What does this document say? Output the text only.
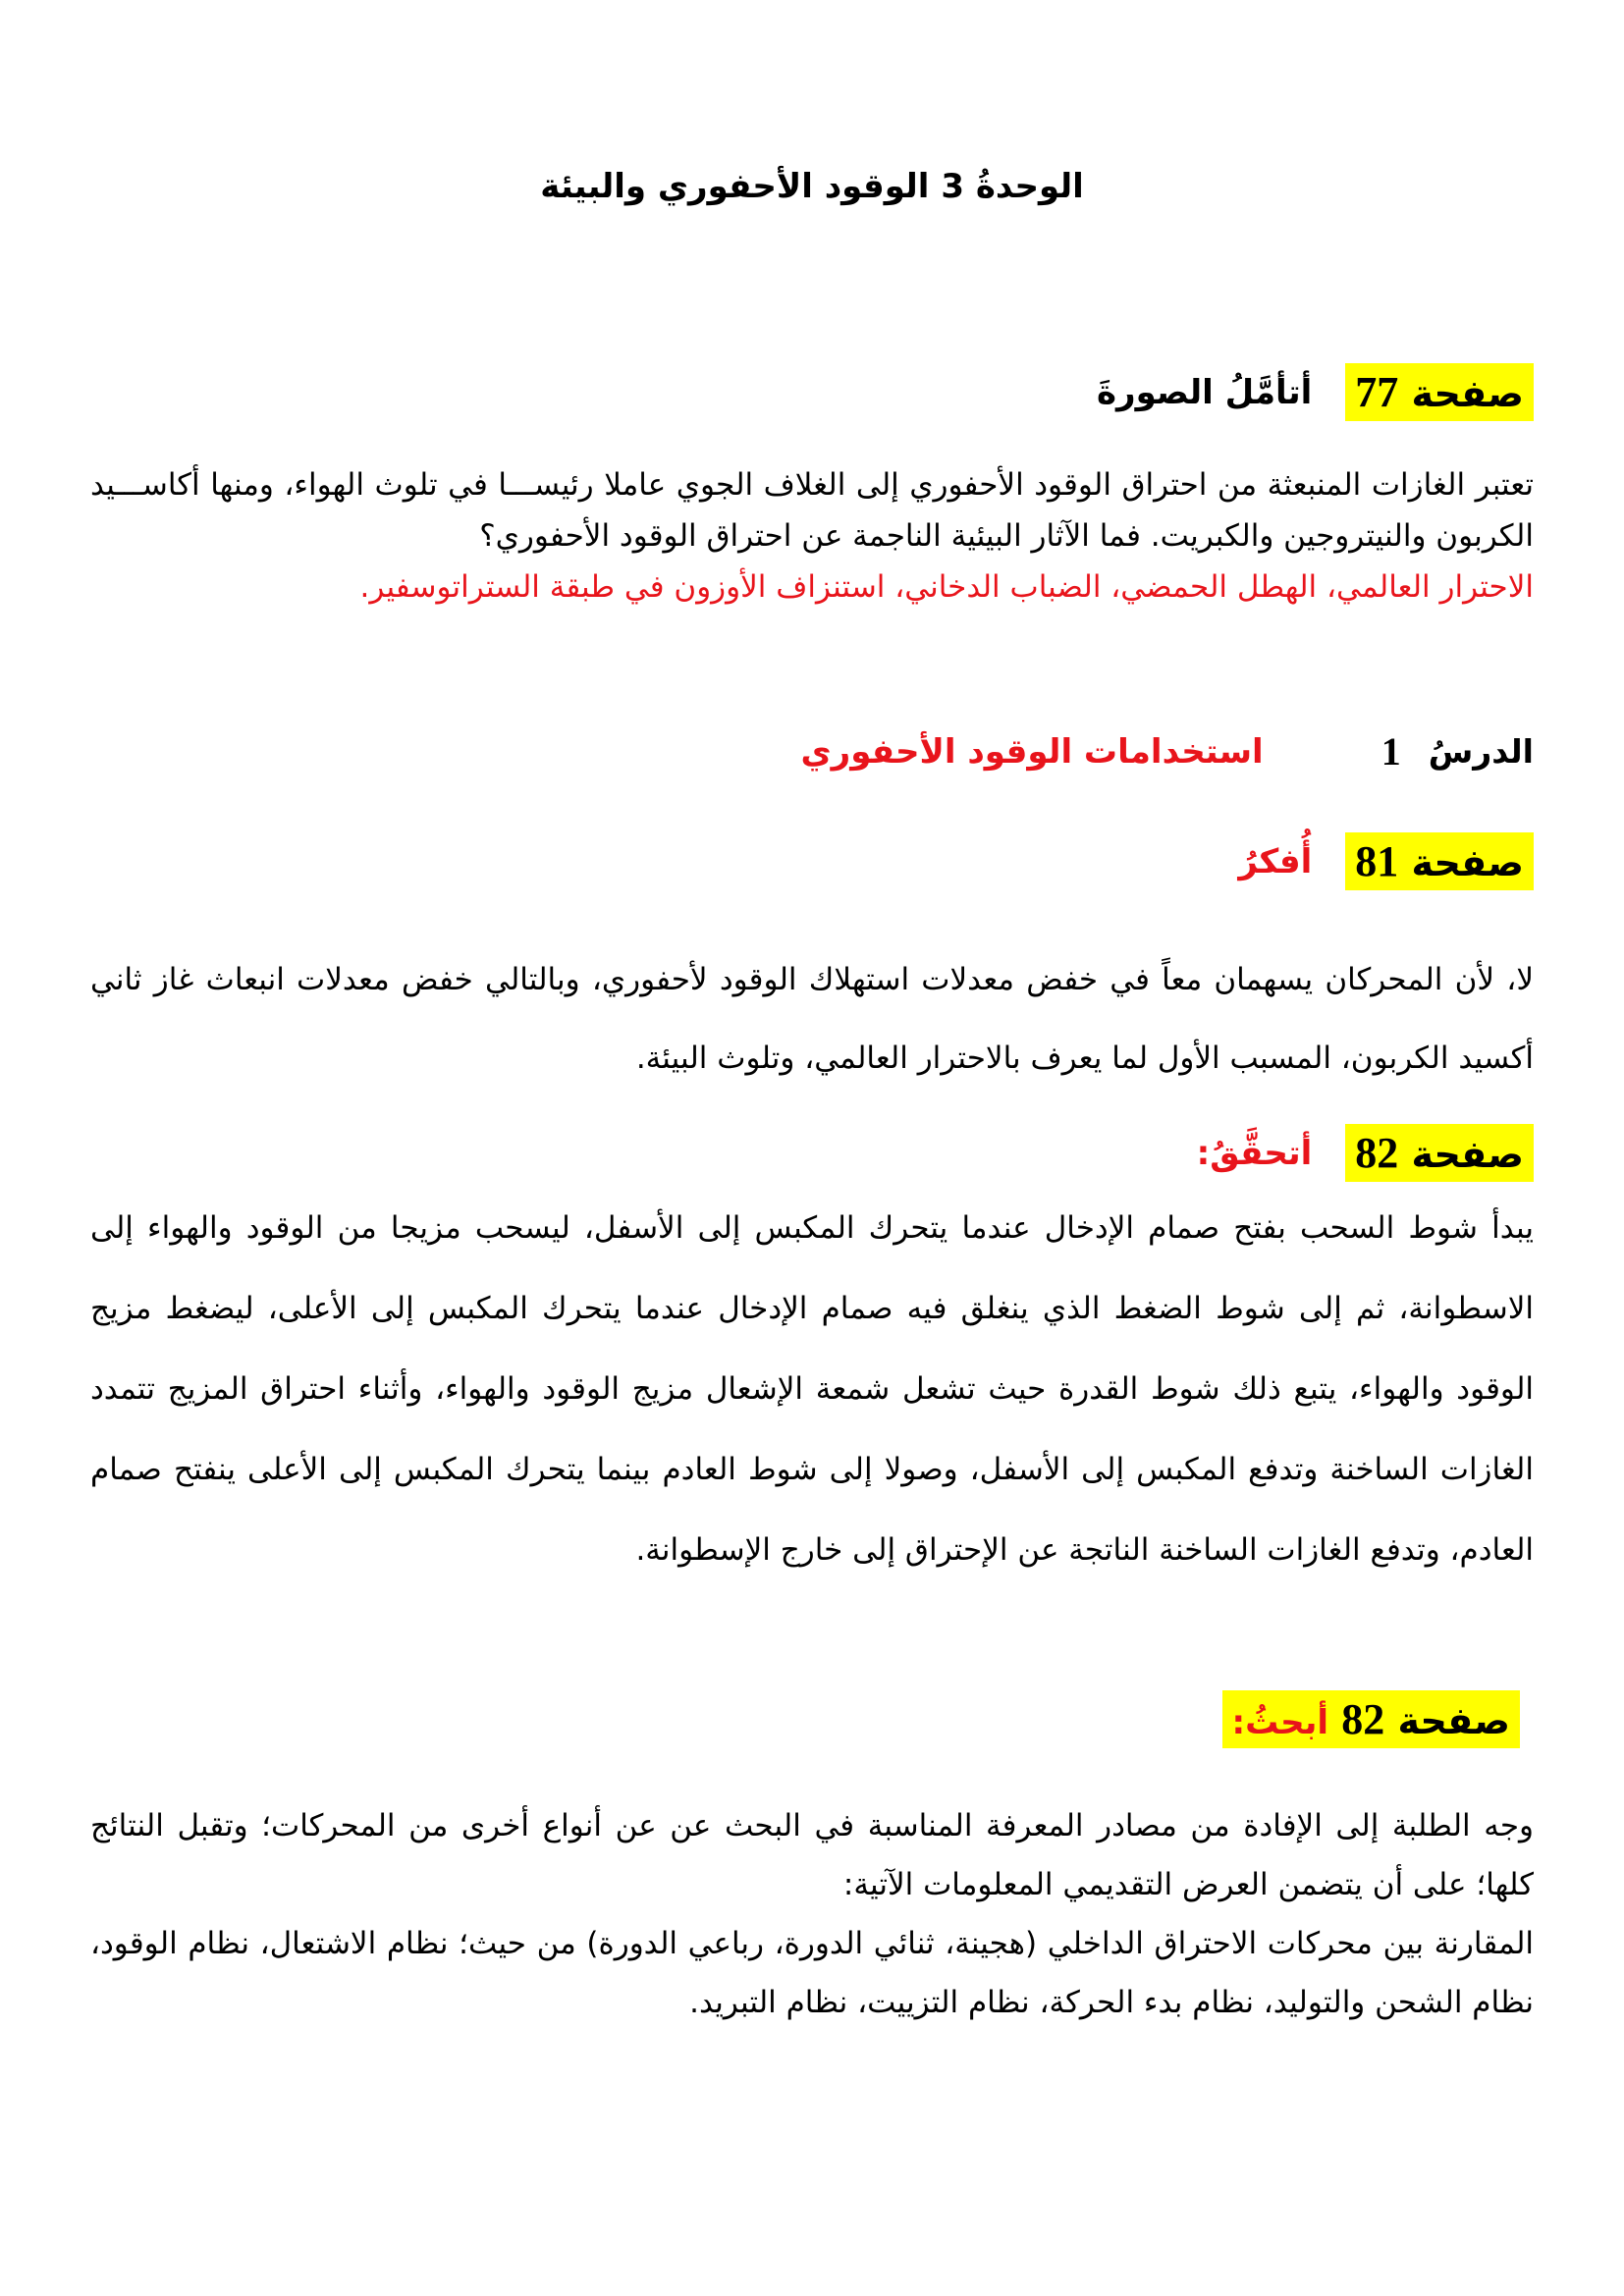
الوحدةُ 3 الوقود الأحفوري والبيئة
صفحة 77
أتأمَّلُ الصورةَ
تعتبر الغازات المنبعثة من احتراق الوقود الأحفوري إلى الغلاف الجوي عاملا رئيســـا في تلوث الهواء، ومنها أكاســـيد الكربون والنيتروجين والكبريت. فما الآثار البيئية الناجمة عن احتراق الوقود الأحفوري؟
الاحترار العالمي، الهطل الحمضي، الضباب الدخاني، استنزاف الأوزون في طبقة الستراتوسفير.
الدرسُ
1
استخدامات الوقود الأحفوري
صفحة 81
أُفكرُ
لا، لأن المحركان يسهمان معاً في خفض معدلات استهلاك الوقود لأحفوري، وبالتالي خفض معدلات انبعاث غاز ثاني أكسيد الكربون، المسبب الأول لما يعرف بالاحترار العالمي، وتلوث البيئة.
صفحة 82
أتحقَّقُ:
يبدأ شوط السحب بفتح صمام الإدخال عندما يتحرك المكبس إلى الأسفل، ليسحب مزيجا من الوقود والهواء إلى الاسطوانة، ثم إلى شوط الضغط الذي ينغلق فيه صمام الإدخال عندما يتحرك المكبس إلى الأعلى، ليضغط مزيج الوقود والهواء، يتبع ذلك شوط القدرة حيث تشعل شمعة الإشعال مزيج الوقود والهواء، وأثناء احتراق المزيج تتمدد الغازات الساخنة وتدفع المكبس إلى الأسفل، وصولا إلى شوط العادم بينما يتحرك المكبس إلى الأعلى ينفتح صمام العادم، وتدفع الغازات الساخنة الناتجة عن الإحتراق إلى خارج الإسطوانة.
صفحة 82 أبحثُ:
وجه الطلبة إلى الإفادة من مصادر المعرفة المناسبة في البحث عن عن أنواع أخرى من المحركات؛ وتقبل النتائج كلها؛ على أن يتضمن العرض التقديمي المعلومات الآتية:
المقارنة بين محركات الاحتراق الداخلي (هجينة، ثنائي الدورة، رباعي الدورة) من حيث؛ نظام الاشتعال، نظام الوقود، نظام الشحن والتوليد، نظام بدء الحركة، نظام التزييت، نظام التبريد.
